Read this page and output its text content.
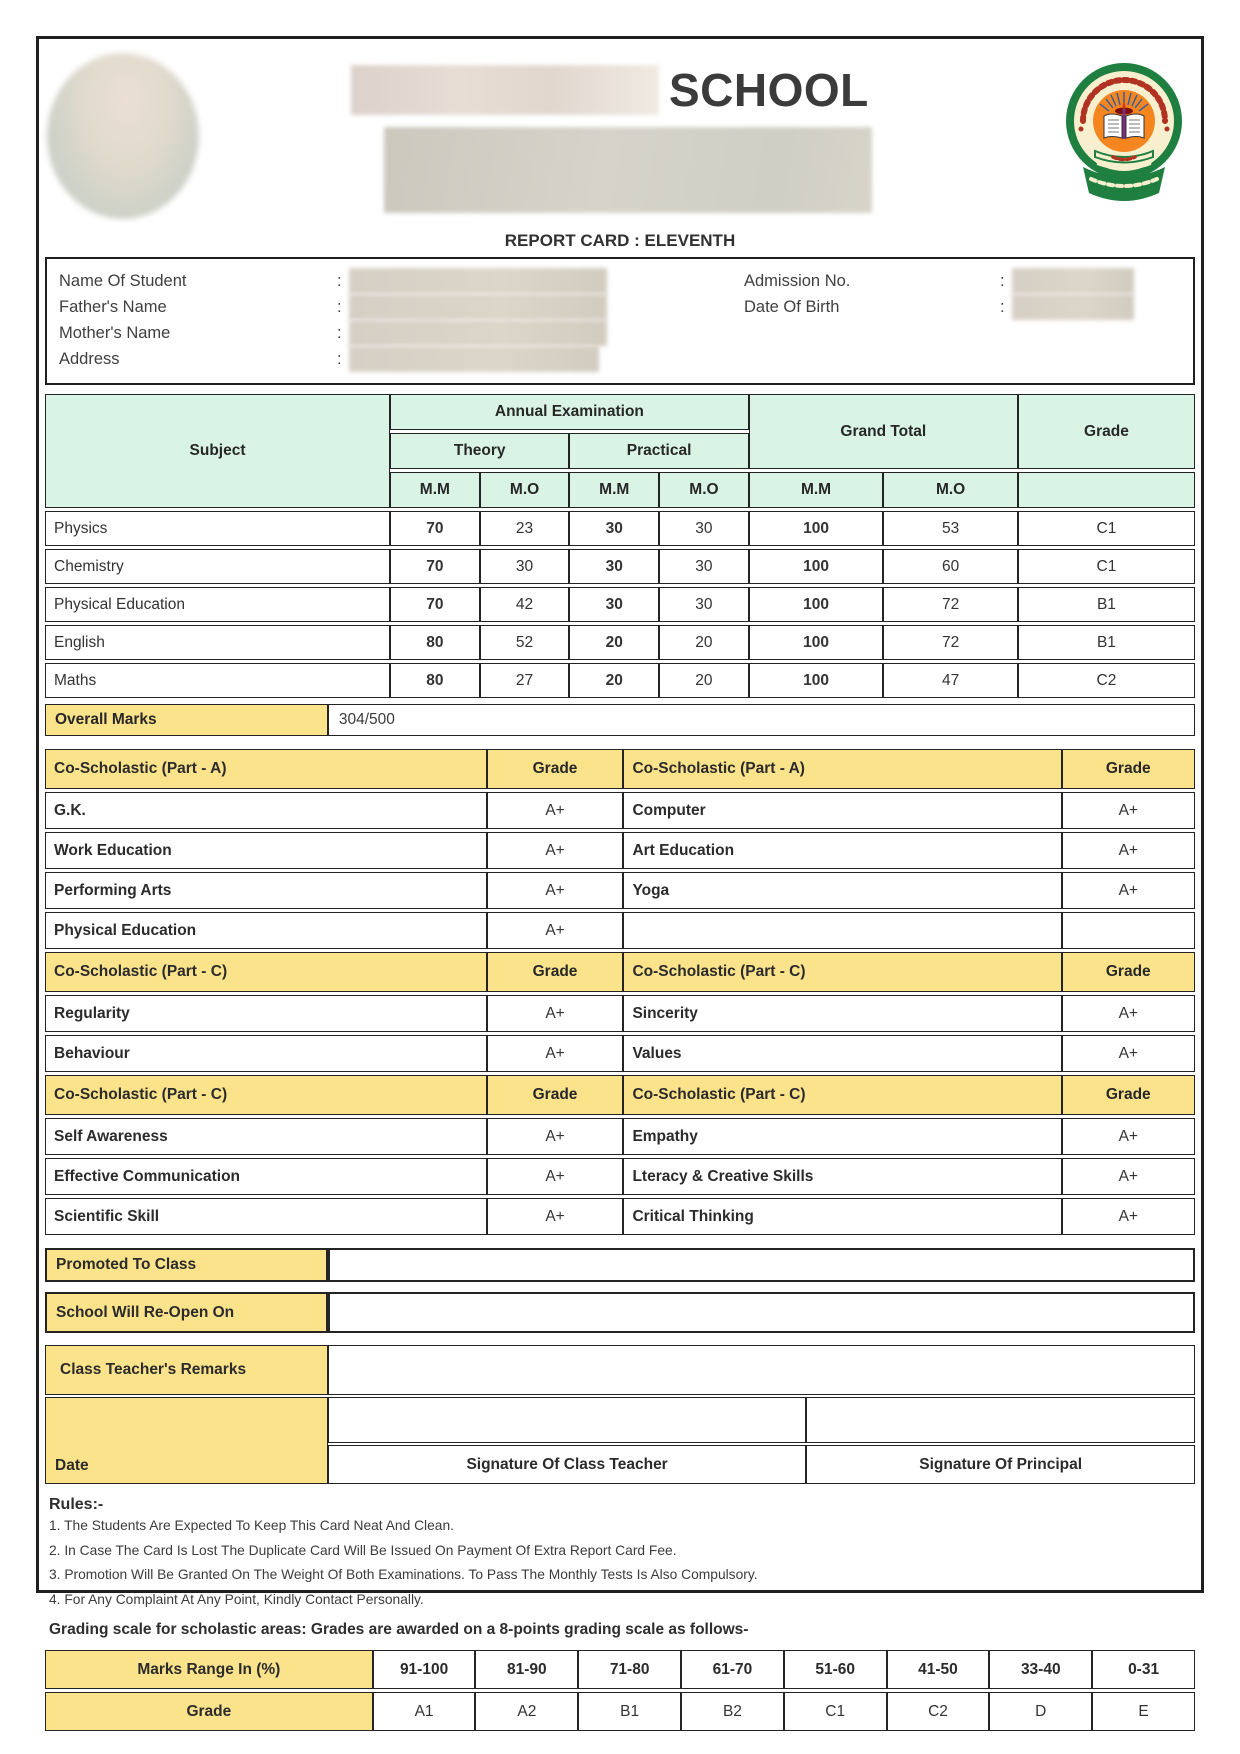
SCHOOL
REPORT CARD : ELEVENTH
Name Of Student	:
Father's Name	:
Mother's Name	:
Address	:
Admission No.	:
Date Of Birth	:
Subject	Annual Examination				Grand Total		Grade
	Theory		Practical				
	M.M	M.O	M.M	M.O	M.M	M.O	
Physics	70	23	30	30	100	53	C1
Chemistry	70	30	30	30	100	60	C1
Physical Education	70	42	30	30	100	72	B1
English	80	52	20	20	100	72	B1
Maths	80	27	20	20	100	47	C2
Overall Marks	304/500
Co-Scholastic (Part - A)	Grade	Co-Scholastic (Part - A)	Grade
G.K.	A+	Computer	A+
Work Education	A+	Art Education	A+
Performing Arts	A+	Yoga	A+
Physical Education	A+		
Co-Scholastic (Part - C)	Grade	Co-Scholastic (Part - C)	Grade
Regularity	A+	Sincerity	A+
Behaviour	A+	Values	A+
Co-Scholastic (Part - C)	Grade	Co-Scholastic (Part - C)	Grade
Self Awareness	A+	Empathy	A+
Effective Communication	A+	Lteracy & Creative Skills	A+
Scientific Skill	A+	Critical Thinking	A+
Promoted To Class
School Will Re-Open On
Class Teacher's Remarks		
Date		
	Signature Of Class Teacher	Signature Of Principal
Rules:-
1. The Students Are Expected To Keep This Card Neat And Clean.
2. In Case The Card Is Lost The Duplicate Card Will Be Issued On Payment Of Extra Report Card Fee.
3. Promotion Will Be Granted On The Weight Of Both Examinations. To Pass The Monthly Tests Is Also Compulsory.
4. For Any Complaint At Any Point, Kindly Contact Personally.
Grading scale for scholastic areas: Grades are awarded on a 8-points grading scale as follows-
Marks Range In (%)	91-100	81-90	71-80	61-70	51-60	41-50	33-40	0-31
Grade	A1	A2	B1	B2	C1	C2	D	E
